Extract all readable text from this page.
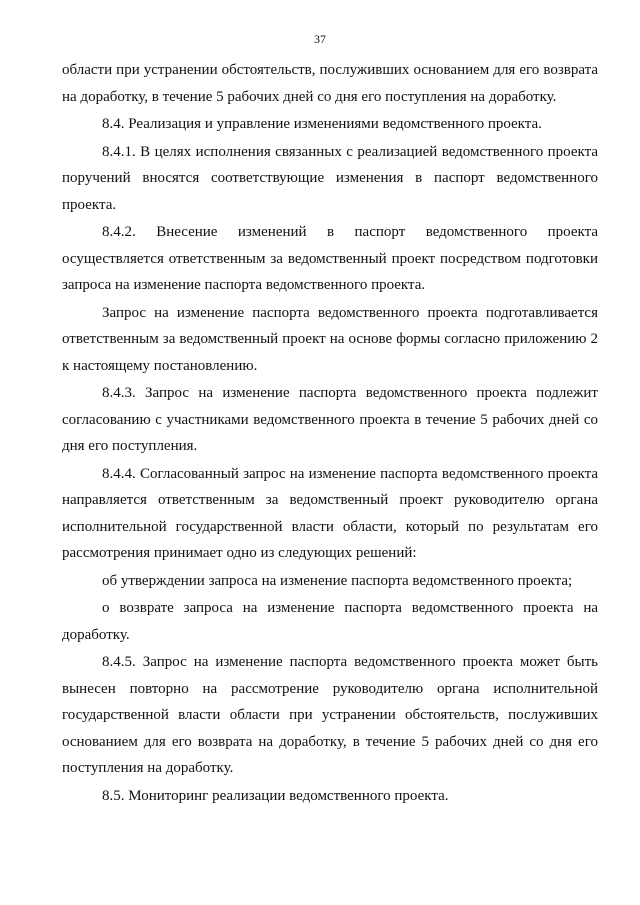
37

области при устранении обстоятельств, послуживших основанием для его возврата на доработку, в течение 5 рабочих дней со дня его поступления на доработку.

8.4. Реализация и управление изменениями ведомственного проекта.

8.4.1. В целях исполнения связанных с реализацией ведомственного проекта поручений вносятся соответствующие изменения в паспорт ведомственного проекта.

8.4.2. Внесение изменений в паспорт ведомственного проекта осуществляется ответственным за ведомственный проект посредством подготовки запроса на изменение паспорта ведомственного проекта.

Запрос на изменение паспорта ведомственного проекта подготавливается ответственным за ведомственный проект на основе формы согласно приложению 2 к настоящему постановлению.

8.4.3. Запрос на изменение паспорта ведомственного проекта подлежит согласованию с участниками ведомственного проекта в течение 5 рабочих дней со дня его поступления.

8.4.4. Согласованный запрос на изменение паспорта ведомственного проекта направляется ответственным за ведомственный проект руководителю органа исполнительной государственной власти области, который по результатам его рассмотрения принимает одно из следующих решений:

об утверждении запроса на изменение паспорта ведомственного проекта;

о возврате запроса на изменение паспорта ведомственного проекта на доработку.

8.4.5. Запрос на изменение паспорта ведомственного проекта может быть вынесен повторно на рассмотрение руководителю органа исполнительной государственной власти области при устранении обстоятельств, послуживших основанием для его возврата на доработку, в течение 5 рабочих дней со дня его поступления на доработку.

8.5. Мониторинг реализации ведомственного проекта.
